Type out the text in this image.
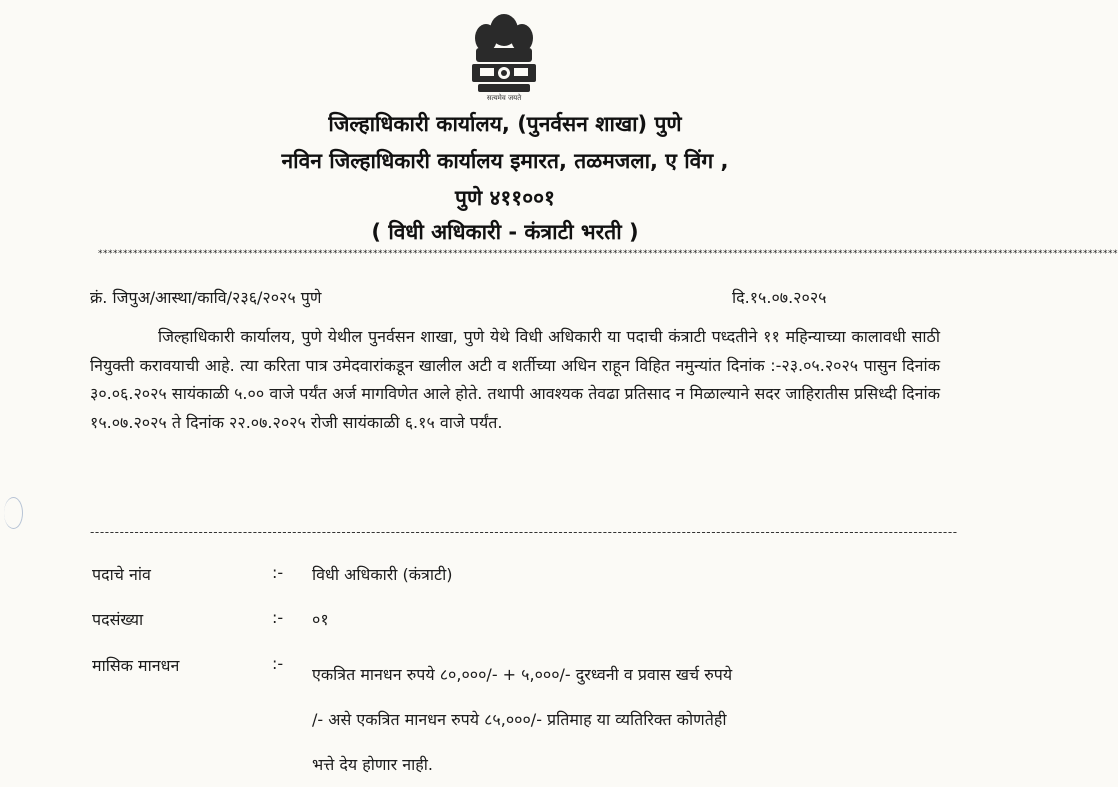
सत्यमेव जयते
जिल्हाधिकारी कार्यालय, (पुनर्वसन शाखा) पुणे
नविन जिल्हाधिकारी कार्यालय इमारत, तळमजला, ए विंग ,
पुणे ४११००१
( विधी अधिकारी - कंत्राटी भरती )
************************************************************************************************************************************************************************************************************
क्रं. जिपुअ/आस्था/कावि/२३६/२०२५ पुणे	दि.१५.०७.२०२५
जिल्हाधिकारी कार्यालय, पुणे येथील पुनर्वसन शाखा, पुणे येथे विधी अधिकारी या पदाची कंत्राटी पध्दतीने ११ महिन्याच्या कालावधी साठी नियुक्ती करावयाची आहे. त्या करिता पात्र उमेदवारांकडून खालील अटी व शर्तीच्या अधिन राहून विहित नमुन्यांत दिनांक :-२३.०५.२०२५ पासुन दिनांक ३०.०६.२०२५ सायंकाळी ५.०० वाजे पर्यंत अर्ज मागविणेत आले होते. तथापी आवश्यक तेवढा प्रतिसाद न मिळाल्याने सदर जाहिरातीस प्रसिध्दी दिनांक १५.०७.२०२५ ते दिनांक २२.०७.२०२५ रोजी सायंकाळी ६.१५ वाजे पर्यंत.
--------------------------------------------------------------------------------------------------------------------------------------------------------------------------------
पदाचे नांव	:- विधी अधिकारी (कंत्राटी)
पदसंख्या	:- ०१
मासिक मानधन	:-
एकत्रित मानधन रुपये ८०,०००/- + ५,०००/- दुरध्वनी व प्रवास खर्च रुपये
/- असे एकत्रित मानधन रुपये ८५,०००/- प्रतिमाह या व्यतिरिक्त कोणतेही
भत्ते देय होणार नाही.
